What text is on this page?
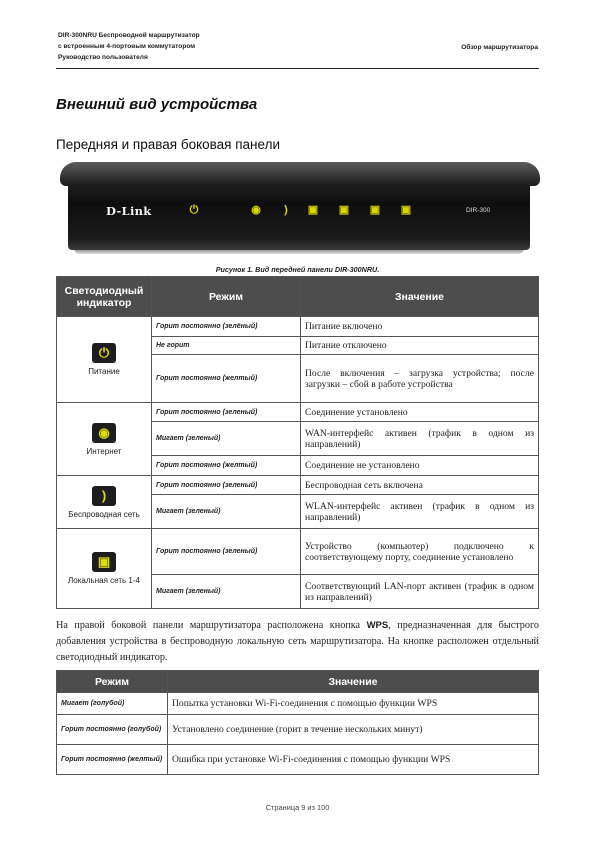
DIR-300NRU Беспроводной маршрутизатор
с встроенным 4-портовым коммутатором
Руководство пользователя
Обзор маршрутизатора
Внешний вид устройства
Передняя и правая боковая панели
D-Link	⏻	◉	)	▣ ▣ ▣ ▣	DIR-300
Рисунок 1. Вид передней панели DIR-300NRU.
Светодиодный индикатор	Режим	Значение
⏻
Питание	Горит постоянно (зелёный)	Питание включено
	Не горит	Питание отключено
	Горит постоянно (желтый)	После включения – загрузка устройства; после загрузки – сбой в работе устройства
◉
Интернет	Горит постоянно (зеленый)	Соединение установлено
	Мигает (зеленый)	WAN-интерфейс активен (трафик в одном из направлений)
	Горит постоянно (желтый)	Соединение не установлено
)
Беспроводная сеть	Горит постоянно (зеленый)	Беспроводная сеть включена
	Мигает (зеленый)	WLAN-интерфейс активен (трафик в одном из направлений)
▣
Локальная сеть 1-4	Горит постоянно (зеленый)	Устройство (компьютер) подключено к соответствующему порту, соединение установлено
	Мигает (зеленый)	Соответствующий LAN-порт активен (трафик в одном из направлений)
На правой боковой панели маршрутизатора расположена кнопка WPS, предназначенная для быстрого добавления устройства в беспроводную локальную сеть маршрутизатора. На кнопке расположен отдельный светодиодный индикатор.
Режим	Значение
Мигает (голубой)	Попытка установки Wi-Fi-соединения с помощью функции WPS
Горит постоянно (голубой)	Установлено соединение (горит в течение нескольких минут)
Горит постоянно (желтый)	Ошибка при установке Wi-Fi-соединения с помощью функции WPS
Страница 9 из 100
